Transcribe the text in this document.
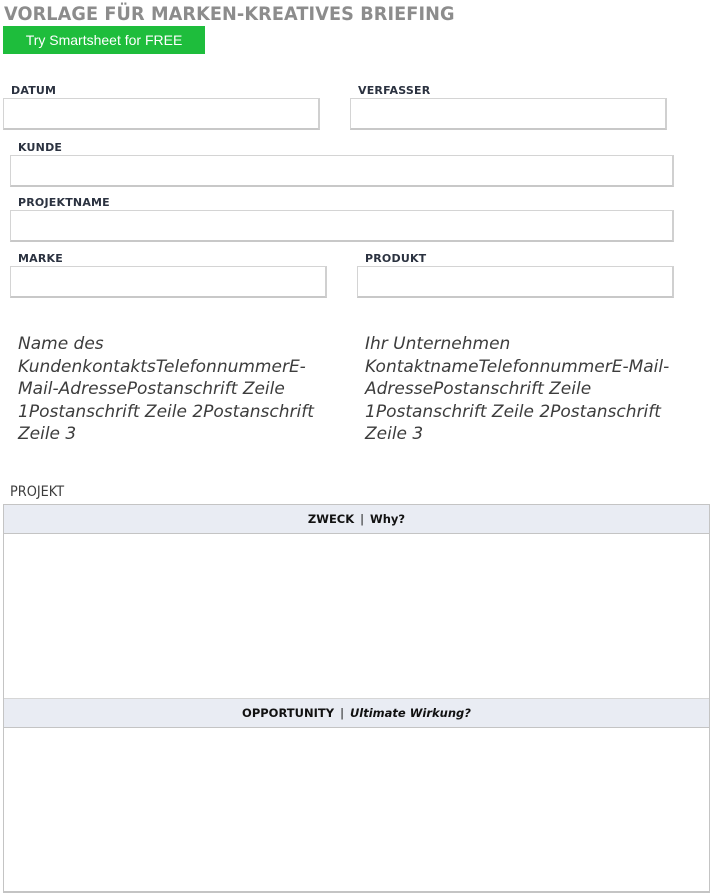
VORLAGE FÜR MARKEN-KREATIVES BRIEFING
Try Smartsheet for FREE
DATUM	VERFASSER
KUNDE
PROJEKTNAME
MARKE	PRODUKT
Name des KundenkontaktsTelefonnummerE-Mail-AdressePostanschrift Zeile 1Postanschrift Zeile 2Postanschrift Zeile 3
Ihr Unternehmen KontaktnameTelefonnummerE-Mail-AdressePostanschrift Zeile 1Postanschrift Zeile 2Postanschrift Zeile 3
PROJEKT
ZWECK | Why?
OPPORTUNITY | Ultimate Wirkung?
